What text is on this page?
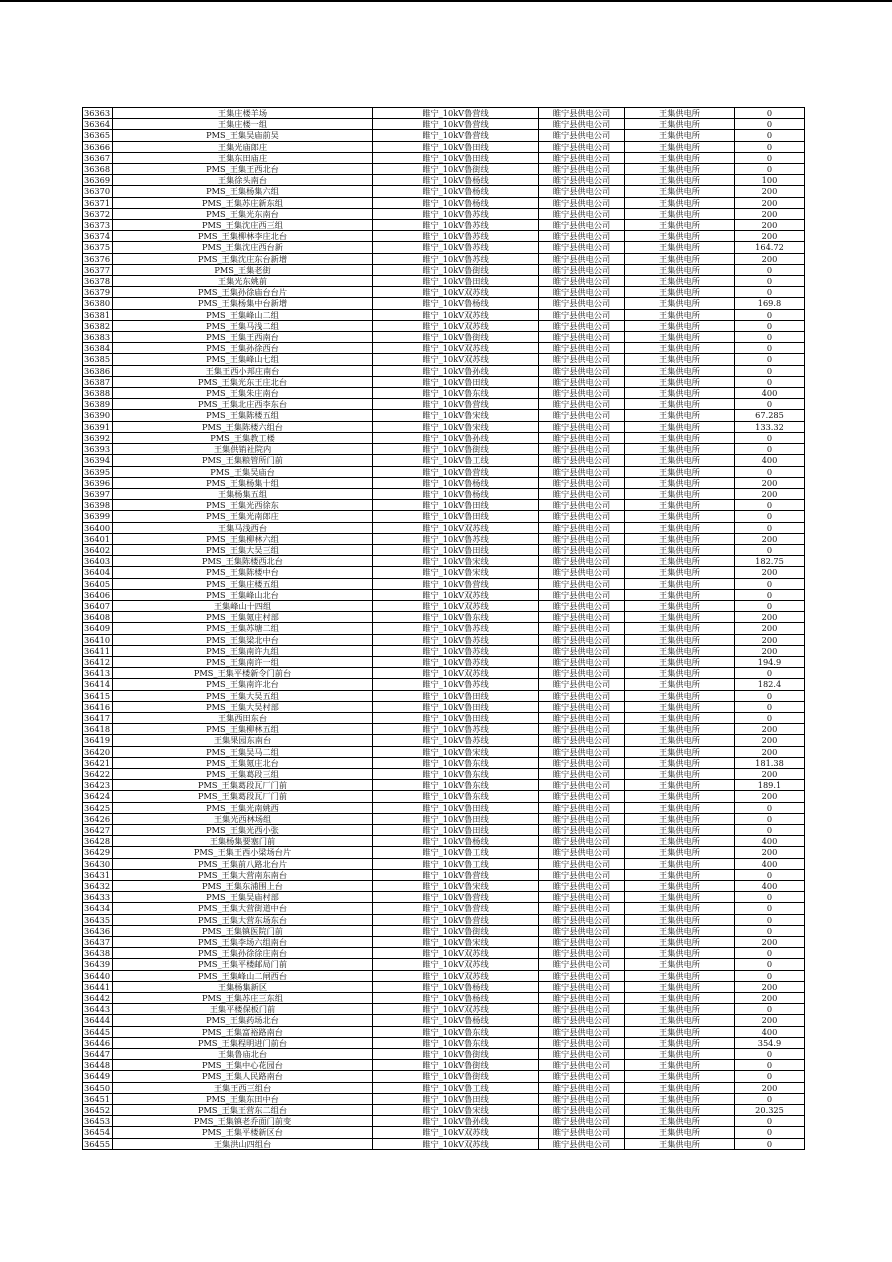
36363	王集庄楼羊场	睢宁_10kV鲁营线	睢宁县供电公司	王集供电所	0
36364	王集庄楼一组	睢宁_10kV鲁营线	睢宁县供电公司	王集供电所	0
36365	PMS_王集吴庙前吴	睢宁_10kV鲁营线	睢宁县供电公司	王集供电所	0
36366	王集光庙郎庄	睢宁_10kV鲁田线	睢宁县供电公司	王集供电所	0
36367	王集东田庙庄	睢宁_10kV鲁田线	睢宁县供电公司	王集供电所	0
36368	PMS_王集王西北台	睢宁_10kV鲁街线	睢宁县供电公司	王集供电所	0
36369	王集徐头南台	睢宁_10kV鲁杨线	睢宁县供电公司	王集供电所	100
36370	PMS_王集杨集六组	睢宁_10kV鲁杨线	睢宁县供电公司	王集供电所	200
36371	PMS_王集苏庄新东组	睢宁_10kV鲁杨线	睢宁县供电公司	王集供电所	200
36372	PMS_王集光东南台	睢宁_10kV鲁苏线	睢宁县供电公司	王集供电所	200
36373	PMS_王集沈庄西三组	睢宁_10kV鲁苏线	睢宁县供电公司	王集供电所	200
36374	PMS_王集柳林李庄北台	睢宁_10kV鲁苏线	睢宁县供电公司	王集供电所	200
36375	PMS_王集沈庄西台新	睢宁_10kV鲁苏线	睢宁县供电公司	王集供电所	164.72
36376	PMS_王集沈庄东台新增	睢宁_10kV鲁苏线	睢宁县供电公司	王集供电所	200
36377	PMS_王集老街	睢宁_10kV鲁街线	睢宁县供电公司	王集供电所	0
36378	王集光东姚前	睢宁_10kV鲁田线	睢宁县供电公司	王集供电所	0
36379	PMS_王集孙徐庙台台片	睢宁_10kV双苏线	睢宁县供电公司	王集供电所	0
36380	PMS_王集杨集中台新增	睢宁_10kV鲁杨线	睢宁县供电公司	王集供电所	169.8
36381	PMS_王集峰山二组	睢宁_10kV双苏线	睢宁县供电公司	王集供电所	0
36382	PMS_王集马浅二组	睢宁_10kV双苏线	睢宁县供电公司	王集供电所	0
36383	PMS_王集王西南台	睢宁_10kV鲁街线	睢宁县供电公司	王集供电所	0
36384	PMS_王集孙徐西台	睢宁_10kV双苏线	睢宁县供电公司	王集供电所	0
36385	PMS_王集峰山七组	睢宁_10kV双苏线	睢宁县供电公司	王集供电所	0
36386	王集王西小邦庄南台	睢宁_10kV鲁孙线	睢宁县供电公司	王集供电所	0
36387	PMS_王集光东王庄北台	睢宁_10kV鲁田线	睢宁县供电公司	王集供电所	0
36388	PMS_王集朱庄南台	睢宁_10kV鲁东线	睢宁县供电公司	王集供电所	400
36389	PMS_王集北庄西李东台	睢宁_10kV鲁营线	睢宁县供电公司	王集供电所	0
36390	PMS_王集陈楼五组	睢宁_10kV鲁宋线	睢宁县供电公司	王集供电所	67.285
36391	PMS_王集陈楼六组台	睢宁_10kV鲁宋线	睢宁县供电公司	王集供电所	133.32
36392	PMS_王集教工楼	睢宁_10kV鲁孙线	睢宁县供电公司	王集供电所	0
36393	王集供销社院内	睢宁_10kV鲁街线	睢宁县供电公司	王集供电所	0
36394	PMS_王集粮管所门前	睢宁_10kV鲁工线	睢宁县供电公司	王集供电所	400
36395	PMS_王集吴庙台	睢宁_10kV鲁营线	睢宁县供电公司	王集供电所	0
36396	PMS_王集杨集十组	睢宁_10kV鲁杨线	睢宁县供电公司	王集供电所	200
36397	王集杨集五组	睢宁_10kV鲁杨线	睢宁县供电公司	王集供电所	200
36398	PMS_王集光西徐东	睢宁_10kV鲁田线	睢宁县供电公司	王集供电所	0
36399	PMS_王集光南郎庄	睢宁_10kV鲁田线	睢宁县供电公司	王集供电所	0
36400	王集马浅西台	睢宁_10kV双苏线	睢宁县供电公司	王集供电所	0
36401	PMS_王集柳林六组	睢宁_10kV鲁苏线	睢宁县供电公司	王集供电所	200
36402	PMS_王集大吴三组	睢宁_10kV鲁田线	睢宁县供电公司	王集供电所	0
36403	PMS_王集陈楼西北台	睢宁_10kV鲁宋线	睢宁县供电公司	王集供电所	182.75
36404	PMS_王集陈楼中台	睢宁_10kV鲁宋线	睢宁县供电公司	王集供电所	200
36405	PMS_王集庄楼五组	睢宁_10kV鲁营线	睢宁县供电公司	王集供电所	0
36406	PMS_王集峰山北台	睢宁_10kV双苏线	睢宁县供电公司	王集供电所	0
36407	王集峰山十四组	睢宁_10kV双苏线	睢宁县供电公司	王集供电所	0
36408	PMS_王集氪庄村部	睢宁_10kV鲁东线	睢宁县供电公司	王集供电所	200
36409	PMS_王集苏塘二组	睢宁_10kV鲁苏线	睢宁县供电公司	王集供电所	200
36410	PMS_王集梁北中台	睢宁_10kV鲁苏线	睢宁县供电公司	王集供电所	200
36411	PMS_王集南许九组	睢宁_10kV鲁苏线	睢宁县供电公司	王集供电所	200
36412	PMS_王集南许一组	睢宁_10kV鲁苏线	睢宁县供电公司	王集供电所	194.9
36413	PMS_王集平楼新令门前台	睢宁_10kV双苏线	睢宁县供电公司	王集供电所	0
36414	PMS_王集南许北台	睢宁_10kV鲁苏线	睢宁县供电公司	王集供电所	182.4
36415	PMS_王集大吴五组	睢宁_10kV鲁田线	睢宁县供电公司	王集供电所	0
36416	PMS_王集大吴村部	睢宁_10kV鲁田线	睢宁县供电公司	王集供电所	0
36417	王集西田东台	睢宁_10kV鲁田线	睢宁县供电公司	王集供电所	0
36418	PMS_王集柳林五组	睢宁_10kV鲁苏线	睢宁县供电公司	王集供电所	200
36419	王集果园东南台	睢宁_10kV鲁苏线	睢宁县供电公司	王集供电所	200
36420	PMS_王集吴马二组	睢宁_10kV鲁宋线	睢宁县供电公司	王集供电所	200
36421	PMS_王集氪庄北台	睢宁_10kV鲁东线	睢宁县供电公司	王集供电所	181.38
36422	PMS_王集葛段三组	睢宁_10kV鲁东线	睢宁县供电公司	王集供电所	200
36423	PMS_王集葛段瓦厂门前	睢宁_10kV鲁东线	睢宁县供电公司	王集供电所	189.1
36424	PMS_王集葛段瓦厂门前	睢宁_10kV鲁东线	睢宁县供电公司	王集供电所	200
36425	PMS_王集光南姚西	睢宁_10kV鲁田线	睢宁县供电公司	王集供电所	0
36426	王集光西林场组	睢宁_10kV鲁田线	睢宁县供电公司	王集供电所	0
36427	PMS_王集光西小张	睢宁_10kV鲁田线	睢宁县供电公司	王集供电所	0
36428	王集杨集要塞门前	睢宁_10kV鲁杨线	睢宁县供电公司	王集供电所	400
36429	PMS_王集王西小梁场台片	睢宁_10kV鲁工线	睢宁县供电公司	王集供电所	200
36430	PMS_王集前八路北台片	睢宁_10kV鲁工线	睢宁县供电公司	王集供电所	400
36431	PMS_王集大营南东南台	睢宁_10kV鲁营线	睢宁县供电公司	王集供电所	0
36432	PMS_王集东浦围上台	睢宁_10kV鲁宋线	睢宁县供电公司	王集供电所	400
36433	PMS_王集吴庙村部	睢宁_10kV鲁营线	睢宁县供电公司	王集供电所	0
36434	PMS_王集大营街道中台	睢宁_10kV鲁营线	睢宁县供电公司	王集供电所	0
36435	PMS_王集大营东场东台	睢宁_10kV鲁营线	睢宁县供电公司	王集供电所	0
36436	PMS_王集镇医院门前	睢宁_10kV鲁街线	睢宁县供电公司	王集供电所	0
36437	PMS_王集李场六组南台	睢宁_10kV鲁宋线	睢宁县供电公司	王集供电所	200
36438	PMS_王集孙徐徐庄南台	睢宁_10kV双苏线	睢宁县供电公司	王集供电所	0
36439	PMS_王集平楼邮局门前	睢宁_10kV双苏线	睢宁县供电公司	王集供电所	0
36440	PMS_王集峰山二闸西台	睢宁_10kV双苏线	睢宁县供电公司	王集供电所	0
36441	王集杨集新区	睢宁_10kV鲁杨线	睢宁县供电公司	王集供电所	200
36442	PMS_王集苏庄三东组	睢宁_10kV鲁杨线	睢宁县供电公司	王集供电所	200
36443	王集平楼保板门前	睢宁_10kV双苏线	睢宁县供电公司	王集供电所	0
36444	PMS_王集药场北台	睢宁_10kV鲁杨线	睢宁县供电公司	王集供电所	200
36445	PMS_王集富裕路南台	睢宁_10kV鲁东线	睢宁县供电公司	王集供电所	400
36446	PMS_王集程明进门前台	睢宁_10kV鲁东线	睢宁县供电公司	王集供电所	354.9
36447	王集鲁庙北台	睢宁_10kV鲁街线	睢宁县供电公司	王集供电所	0
36448	PMS_王集中心花园台	睢宁_10kV鲁街线	睢宁县供电公司	王集供电所	0
36449	PMS_王集人民路南台	睢宁_10kV鲁街线	睢宁县供电公司	王集供电所	0
36450	王集王西三组台	睢宁_10kV鲁工线	睢宁县供电公司	王集供电所	200
36451	PMS_王集东田中台	睢宁_10kV鲁田线	睢宁县供电公司	王集供电所	0
36452	PMS_王集王营东二组台	睢宁_10kV鲁宋线	睢宁县供电公司	王集供电所	20.325
36453	PMS_王集镇老乔面门前变	睢宁_10kV鲁孙线	睢宁县供电公司	王集供电所	0
36454	PMS_王集平楼新区台	睢宁_10kV双苏线	睢宁县供电公司	王集供电所	0
36455	王集洪山四组台	睢宁_10kV双苏线	睢宁县供电公司	王集供电所	0
